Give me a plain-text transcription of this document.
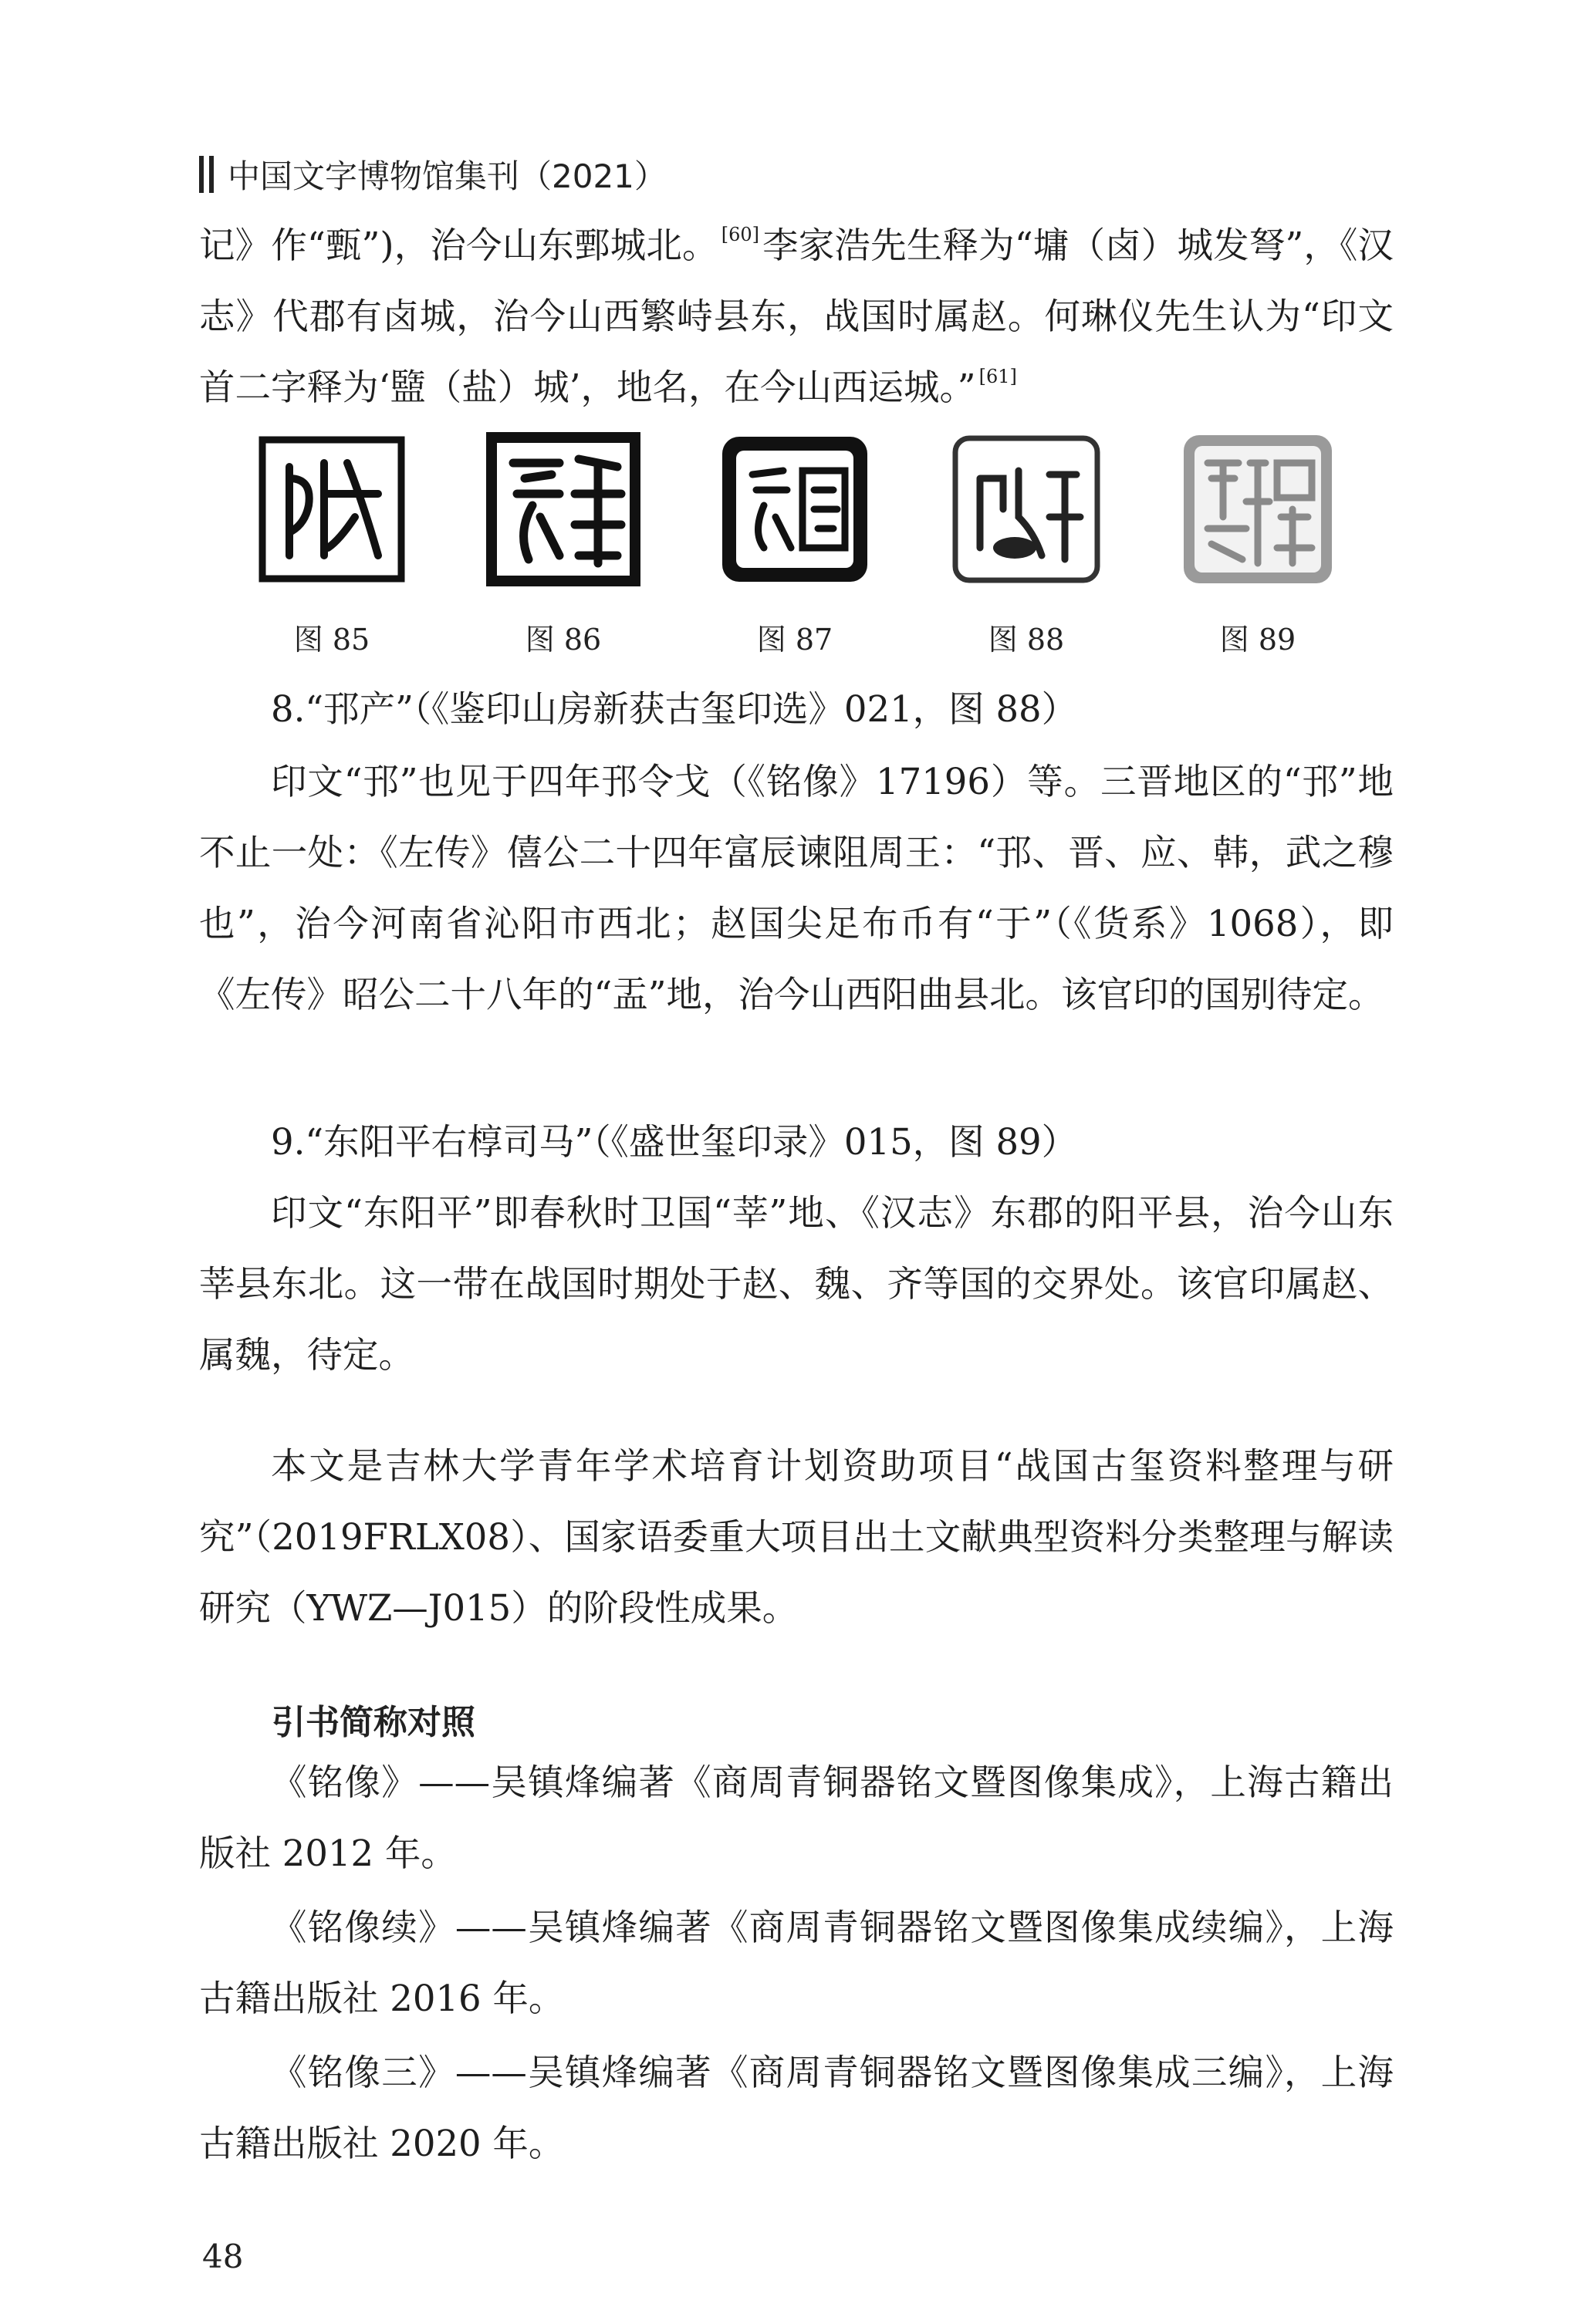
中国文字博物馆集刊（2021）

记》作“甄”)，治今山东鄄城北。 [60]李家浩先生释为“墉（卤）城发弩”，《汉志》代郡有卤城，治今山西繁峙县东，战国时属赵。何琳仪先生认为“印文首二字释为‘盬（盐）城’，地名，在今山西运城。” [61]

图 85	图 86	图 87	图 88	图 89

8.“邘产”（《鉴印山房新获古玺印选》021，图 88）

印文“邘”也见于四年邘令戈（《铭像》17196）等。三晋地区的“邘”地不止一处：《左传》僖公二十四年富辰谏阻周王：“邘、晋、应、韩，武之穆也”，治今河南省沁阳市西北；赵国尖足布币有“于”（《货系》1068），即《左传》昭公二十八年的“盂”地，治今山西阳曲县北。该官印的国别待定。

9.“东阳平右椁司马”（《盛世玺印录》015，图 89）

印文“东阳平”即春秋时卫国“莘”地、《汉志》东郡的阳平县，治今山东莘县东北。这一带在战国时期处于赵、魏、齐等国的交界处。该官印属赵、属魏，待定。

本文是吉林大学青年学术培育计划资助项目“战国古玺资料整理与研究”（2019FRLX08）、国家语委重大项目出土文献典型资料分类整理与解读研究（YWZ—J015）的阶段性成果。

引书简称对照

《铭像》——吴镇烽编著《商周青铜器铭文暨图像集成》，上海古籍出版社 2012 年。

《铭像续》——吴镇烽编著《商周青铜器铭文暨图像集成续编》，上海古籍出版社 2016 年。

《铭像三》——吴镇烽编著《商周青铜器铭文暨图像集成三编》，上海古籍出版社 2020 年。

48
